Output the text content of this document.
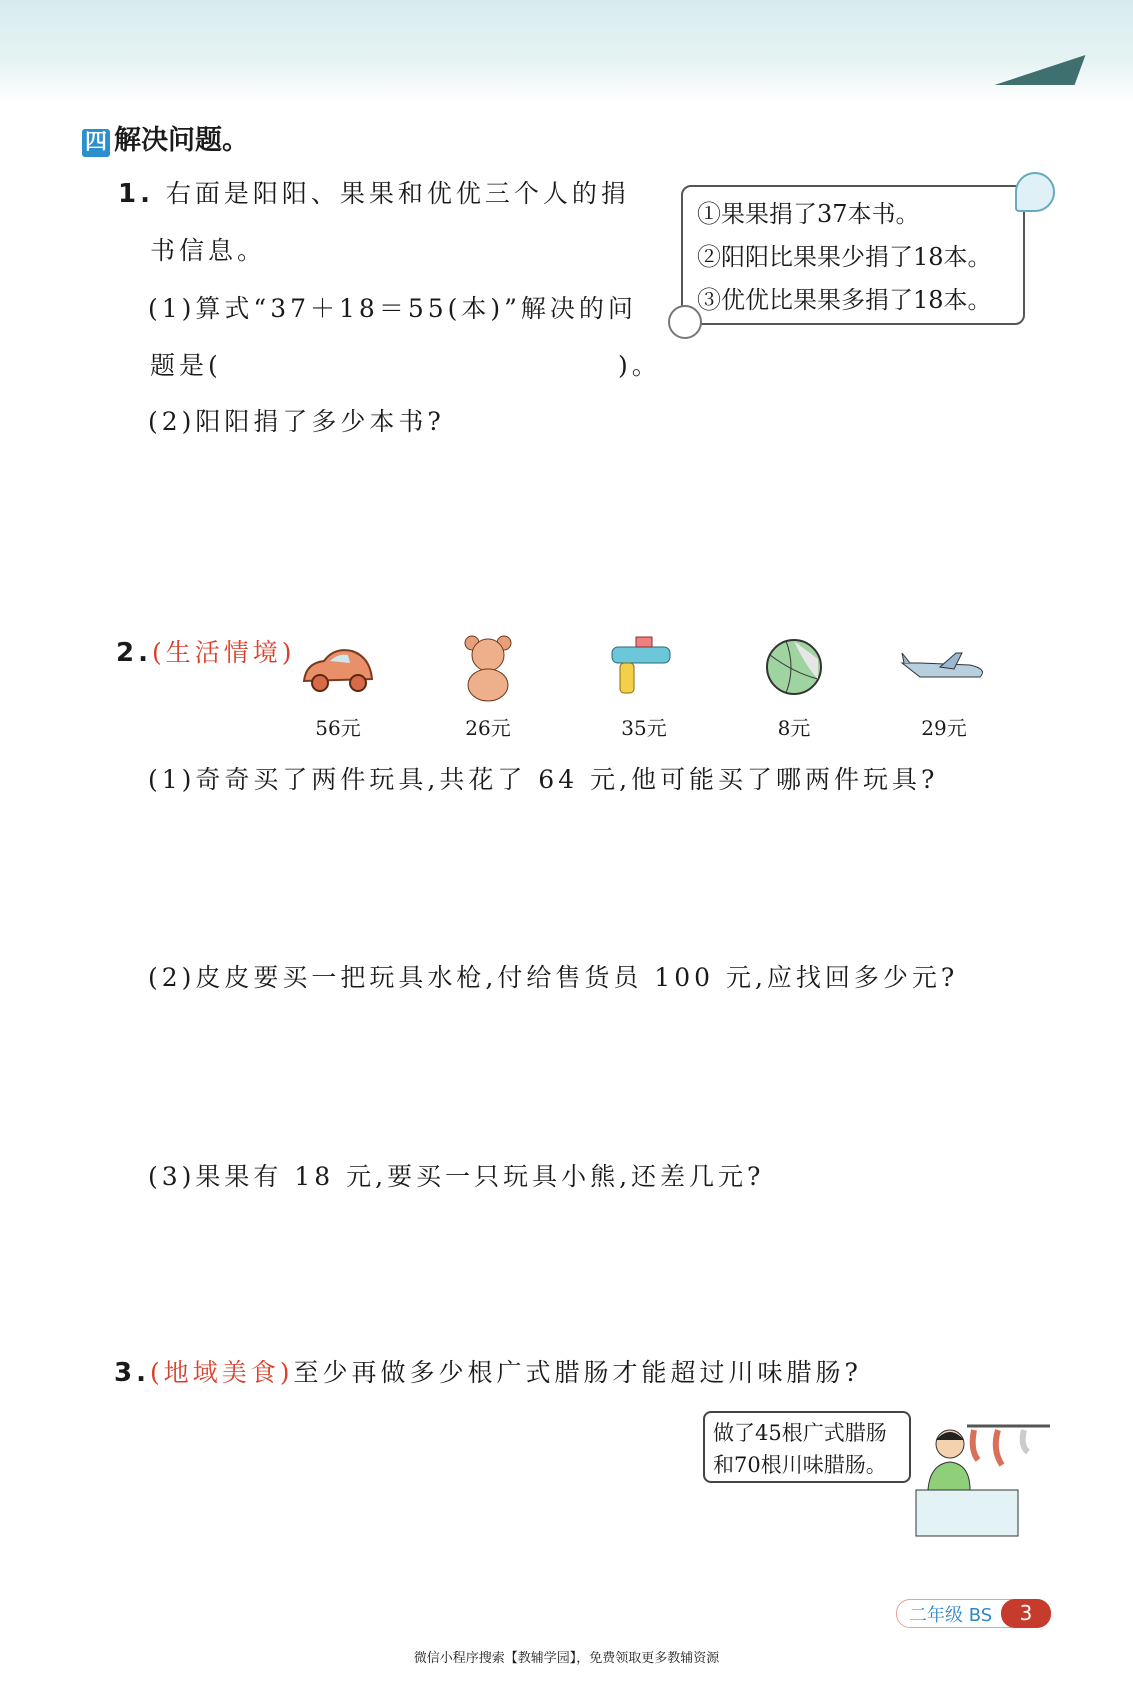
四 解决问题。
1. 右面是阳阳、果果和优优三个人的捐
书信息。
(1)算式“37＋18＝55(本)”解决的问
题是(	)。
(2)阳阳捐了多少本书?
①果果捐了37本书。
②阳阳比果果少捐了18本。
③优优比果果多捐了18本。
2.(生活情境)
56元	26元	35元	8元	29元
(1)奇奇买了两件玩具,共花了 64 元,他可能买了哪两件玩具?
(2)皮皮要买一把玩具水枪,付给售货员 100 元,应找回多少元?
(3)果果有 18 元,要买一只玩具小熊,还差几元?
3.(地域美食)至少再做多少根广式腊肠才能超过川味腊肠?
做了45根广式腊肠
和70根川味腊肠。
二年级 BS	3
微信小程序搜索【教辅学园】，免费领取更多教辅资源
